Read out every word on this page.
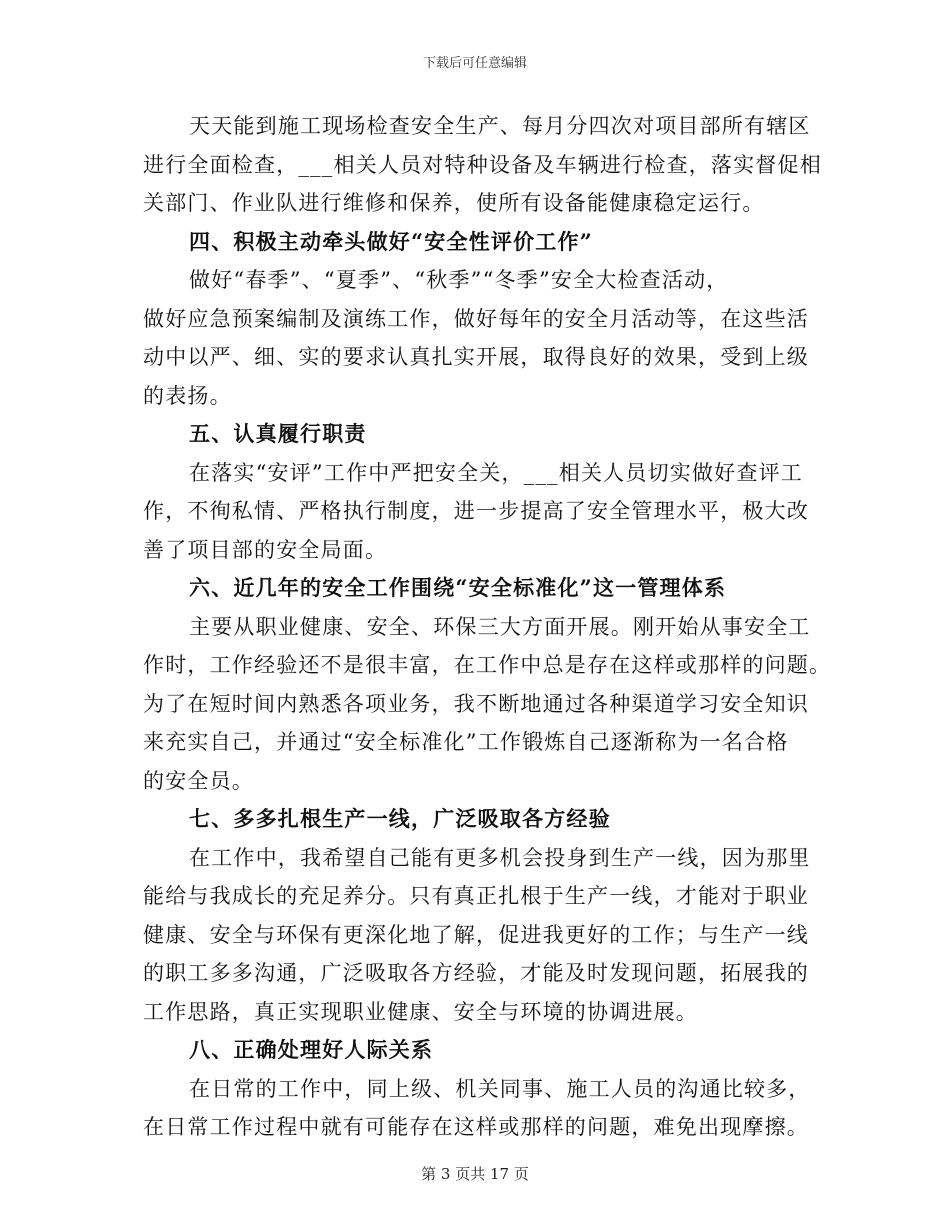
下载后可任意编辑
天天能到施工现场检查安全生产、每月分四次对项目部所有辖区
进行全面检查，___相关人员对特种设备及车辆进行检查，落实督促相
关部门、作业队进行维修和保养，使所有设备能健康稳定运行。
四、积极主动牵头做好“安全性评价工作”
做好“春季”、“夏季”、“秋季”“冬季”安全大检查活动，
做好应急预案编制及演练工作，做好每年的安全月活动等，在这些活
动中以严、细、实的要求认真扎实开展，取得良好的效果，受到上级
的表扬。
五、认真履行职责
在落实“安评”工作中严把安全关，___相关人员切实做好查评工
作，不徇私情、严格执行制度，进一步提高了安全管理水平，极大改
善了项目部的安全局面。
六、近几年的安全工作围绕“安全标准化”这一管理体系
主要从职业健康、安全、环保三大方面开展。刚开始从事安全工
作时，工作经验还不是很丰富，在工作中总是存在这样或那样的问题。
为了在短时间内熟悉各项业务，我不断地通过各种渠道学习安全知识
来充实自己，并通过“安全标准化”工作锻炼自己逐渐称为一名合格
的安全员。
七、多多扎根生产一线，广泛吸取各方经验
在工作中，我希望自己能有更多机会投身到生产一线，因为那里
能给与我成长的充足养分。只有真正扎根于生产一线，才能对于职业
健康、安全与环保有更深化地了解，促进我更好的工作；与生产一线
的职工多多沟通，广泛吸取各方经验，才能及时发现问题，拓展我的
工作思路，真正实现职业健康、安全与环境的协调进展。
八、正确处理好人际关系
在日常的工作中，同上级、机关同事、施工人员的沟通比较多，
在日常工作过程中就有可能存在这样或那样的问题，难免出现摩擦。
第 3 页共 17 页
